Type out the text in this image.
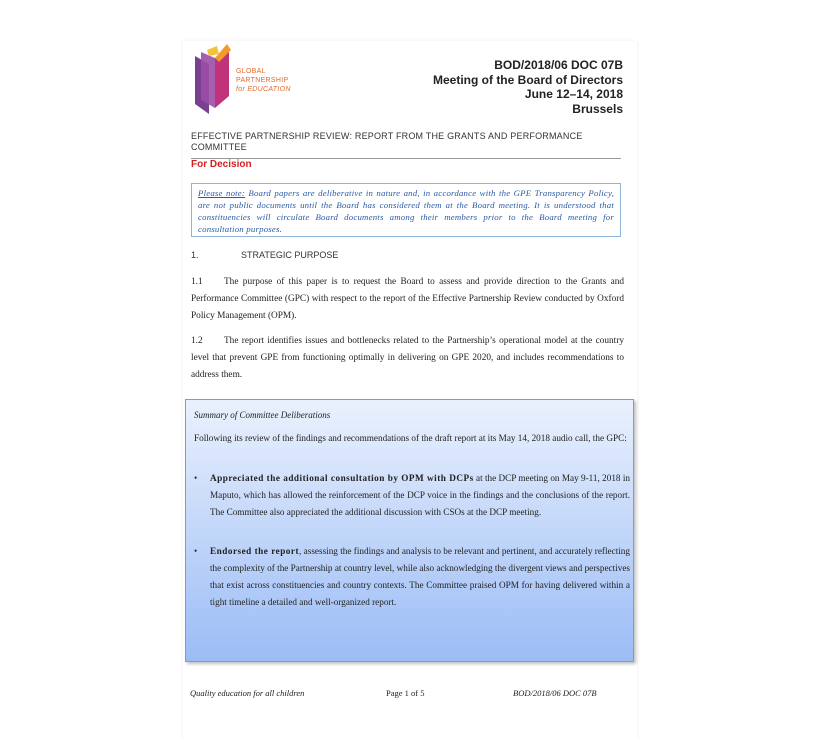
GLOBAL
PARTNERSHIP
for EDUCATION
BOD/2018/06 DOC 07B
Meeting of the Board of Directors
June 12–14, 2018
Brussels
EFFECTIVE PARTNERSHIP REVIEW: REPORT FROM THE GRANTS AND PERFORMANCE COMMITTEE
For Decision
Please note: Board papers are deliberative in nature and, in accordance with the GPE Transparency Policy, are not public documents until the Board has considered them at the Board meeting. It is understood that constituencies will circulate Board documents among their members prior to the Board meeting for consultation purposes.
1.	STRATEGIC PURPOSE
1.1 The purpose of this paper is to request the Board to assess and provide direction to the Grants and Performance Committee (GPC) with respect to the report of the Effective Partnership Review conducted by Oxford Policy Management (OPM).
1.2 The report identifies issues and bottlenecks related to the Partnership’s operational model at the country level that prevent GPE from functioning optimally in delivering on GPE 2020, and includes recommendations to address them.
Summary of Committee Deliberations
Following its review of the findings and recommendations of the draft report at its May 14, 2018 audio call, the GPC:
• Appreciated the additional consultation by OPM with DCPs at the DCP meeting on May 9-11, 2018 in Maputo, which has allowed the reinforcement of the DCP voice in the findings and the conclusions of the report. The Committee also appreciated the additional discussion with CSOs at the DCP meeting.
• Endorsed the report, assessing the findings and analysis to be relevant and pertinent, and accurately reflecting the complexity of the Partnership at country level, while also acknowledging the divergent views and perspectives that exist across constituencies and country contexts. The Committee praised OPM for having delivered within a tight timeline a detailed and well-organized report.
Quality education for all children	Page 1 of 5	BOD/2018/06 DOC 07B
